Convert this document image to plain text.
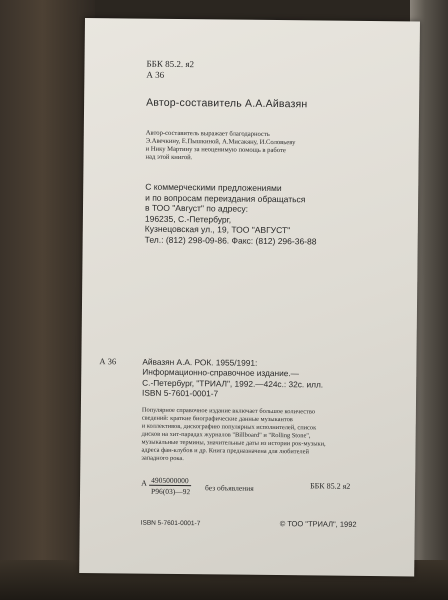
ББК 85.2. я2
А 36
Автор-составитель А.А.Айвазян
Автор-составитель выражает благодарность
Э.Авечкину, Е.Пышкиной, А.Мисакяну, И.Соловьеву
и Нику Мартину за неоценимую помощь в работе
над этой книгой.
С коммерческими предложениями
и по вопросам переиздания обращаться
в ТОО "Август" по адресу:
196235, С.-Петербург,
Кузнецовская ул., 19, ТОО "АВГУСТ"
Тел.: (812) 298-09-86. Факс: (812) 296-36-88
А 36	Айвазян А.А. РОК. 1955/1991:
Информационно-справочное издание.—
С.-Петербург, "ТРИАЛ", 1992.—424с.: 32с. илл.
ISBN 5-7601-0001-7
Популярное справочное издание включает большое количество
сведений: краткие биографические данные музыкантов
и коллективов, дискографию популярных исполнителей, список
дисков на хит-парадах журналов "Billboard" и "Rolling Stone",
музыкальные термины, значительные даты из истории рок-музыки,
адреса фан-клубов и др. Книга предназначена для любителей
западного рока.
А 4905000000
Р96(03)—92 без объявления	ББК 85.2 я2
ISBN 5-7601-0001-7	© ТОО "ТРИАЛ", 1992
